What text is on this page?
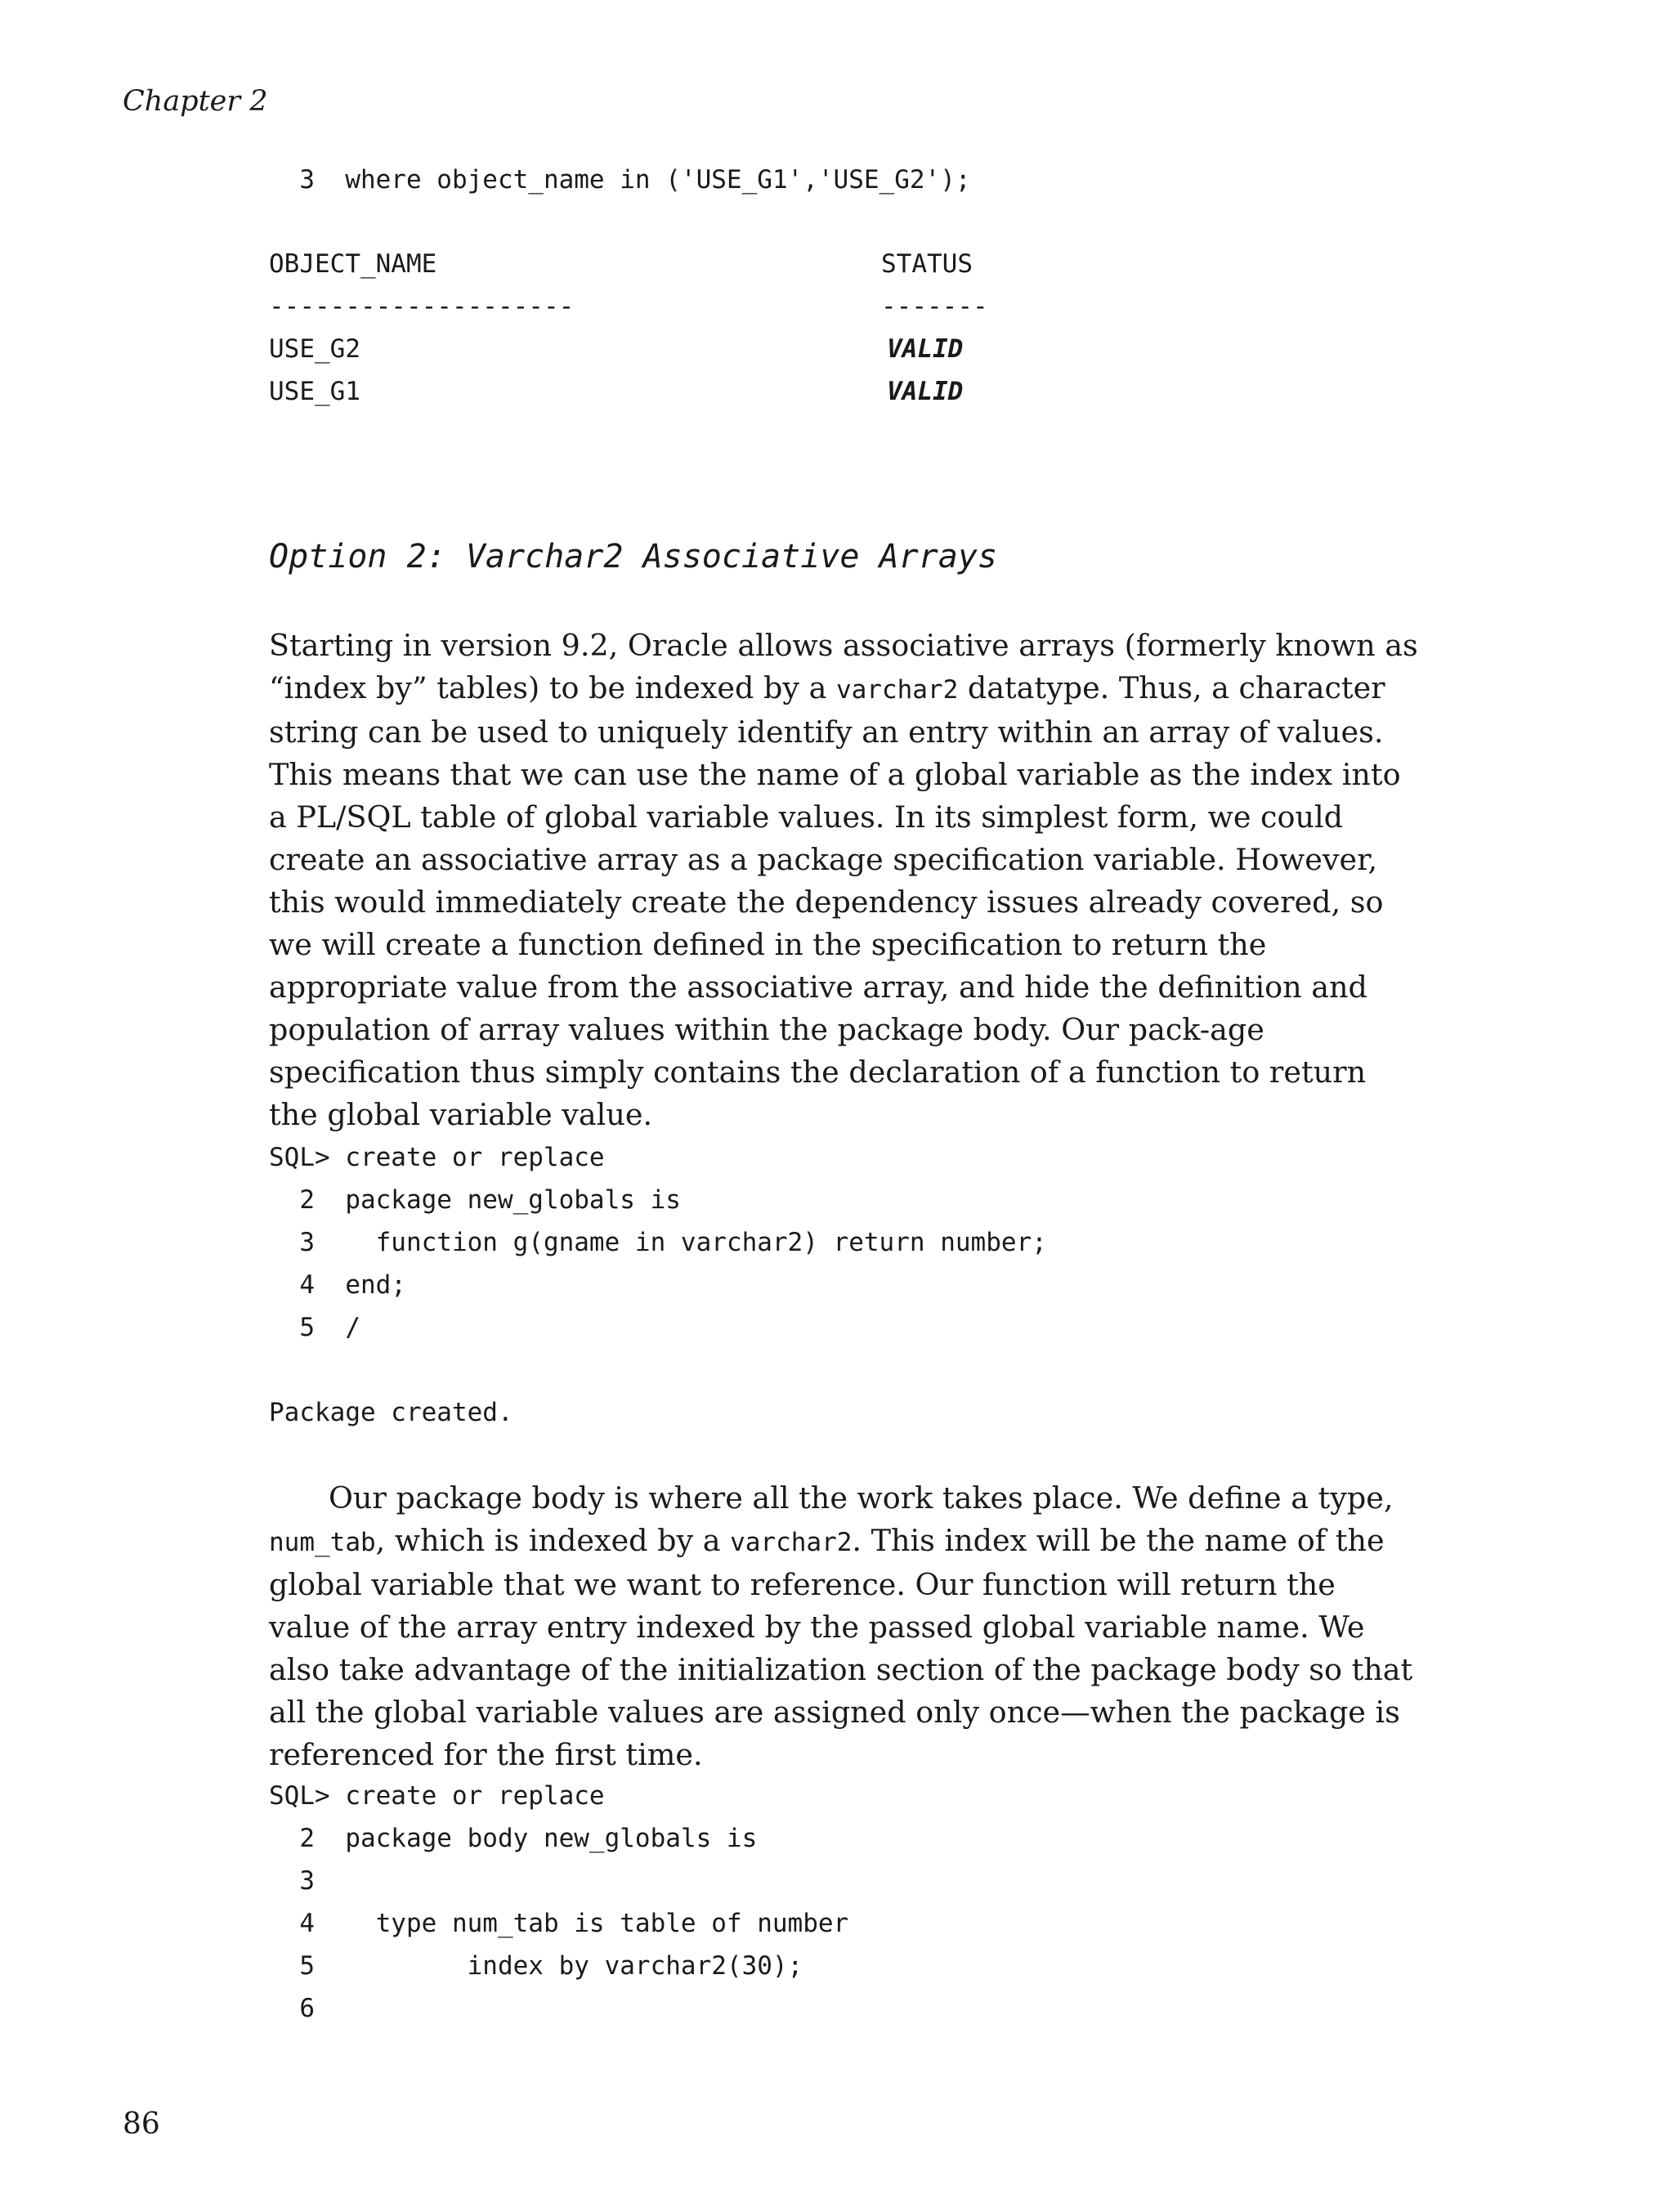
Chapter 2
3  where object_name in ('USE_G1','USE_G2');
OBJECT_NAME	STATUS
--------------------	-------
USE_G2	VALID
USE_G1	VALID
Option 2: Varchar2 Associative Arrays

Starting in version 9.2, Oracle allows associative arrays (formerly known as “index by” tables) to be indexed by a varchar2 datatype. Thus, a character string can be used to uniquely identify an entry within an array of values. This means that we can use the name of a global variable as the index into a PL/SQL table of global variable values. In its simplest form, we could create an associative array as a package specification variable. However, this would immediately create the dependency issues already covered, so we will create a function defined in the specification to return the appropriate value from the associative array, and hide the definition and population of array values within the package body. Our pack-age specification thus simply contains the declaration of a function to return the global variable value.

SQL> create or replace
2  package new_globals is
3    function g(gname in varchar2) return number;
4  end;
5  /
Package created.

Our package body is where all the work takes place. We define a type, num_tab, which is indexed by a varchar2. This index will be the name of the global variable that we want to reference. Our function will return the value of the array entry indexed by the passed global variable name. We also take advantage of the initialization section of the package body so that all the global variable values are assigned only once—when the package is referenced for the first time.

SQL> create or replace
2  package body new_globals is
3
4    type num_tab is table of number
5          index by varchar2(30);
6
86
